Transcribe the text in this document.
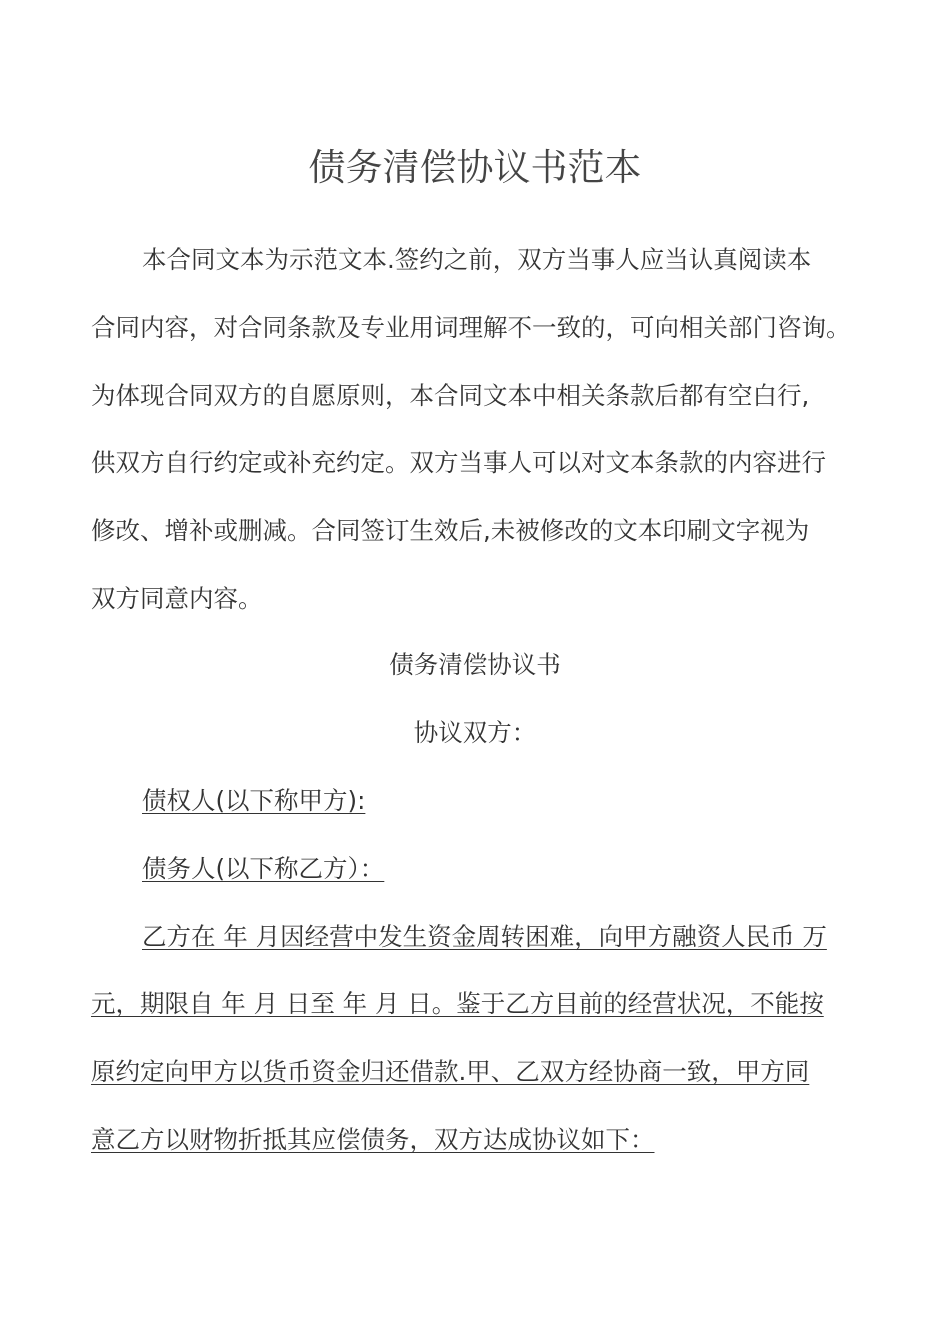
债务清偿协议书范本
本合同文本为示范文本.签约之前，双方当事人应当认真阅读本
合同内容，对合同条款及专业用词理解不一致的，可向相关部门咨询。
为体现合同双方的自愿原则，本合同文本中相关条款后都有空白行,
供双方自行约定或补充约定。双方当事人可以对文本条款的内容进行
修改、增补或删减。合同签订生效后,未被修改的文本印刷文字视为
双方同意内容。
债务清偿协议书
协议双方：
债权人(以下称甲方):
债务人(以下称乙方）：
乙方在 年 月因经营中发生资金周转困难，向甲方融资人民币 万
元，期限自 年 月 日至 年 月 日。鉴于乙方目前的经营状况，不能按
原约定向甲方以货币资金归还借款.甲、乙双方经协商一致，甲方同
意乙方以财物折抵其应偿债务，双方达成协议如下：
